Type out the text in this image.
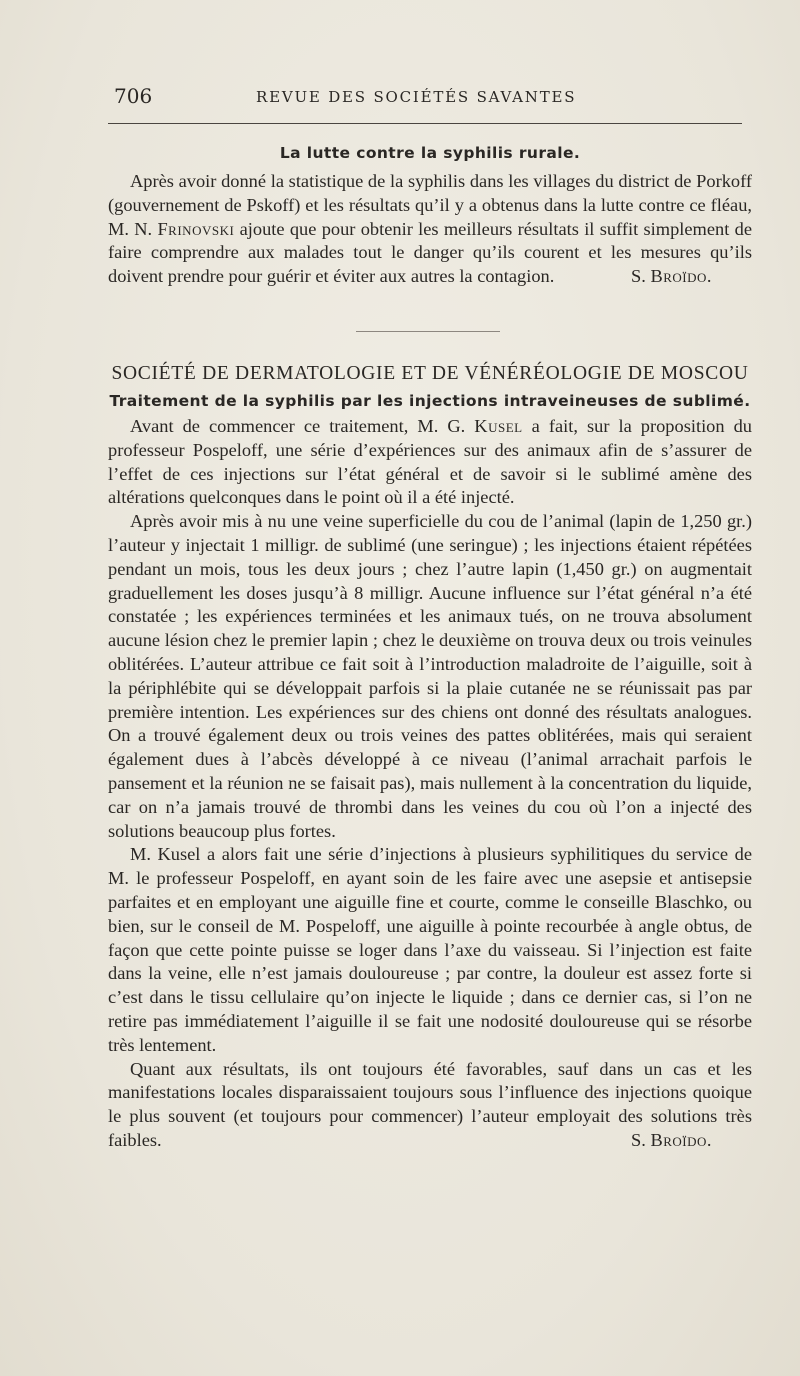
706	REVUE DES SOCIÉTÉS SAVANTES
La lutte contre la syphilis rurale.

Après avoir donné la statistique de la syphilis dans les villages du district de Porkoff (gouvernement de Pskoff) et les résultats qu’il y a obtenus dans la lutte contre ce fléau, M. N. Frinovski ajoute que pour obtenir les meilleurs résultats il suffit simplement de faire comprendre aux malades tout le danger qu’ils courent et les mesures qu’ils doivent prendre pour guérir et éviter aux autres la contagion.	S. Broïdo.

SOCIÉTÉ DE DERMATOLOGIE ET DE VÉNÉRÉOLOGIE DE MOSCOU
Traitement de la syphilis par les injections intraveineuses de sublimé.

Avant de commencer ce traitement, M. G. Kusel a fait, sur la proposition du professeur Pospeloff, une série d’expériences sur des animaux afin de s’assurer de l’effet de ces injections sur l’état général et de savoir si le sublimé amène des altérations quelconques dans le point où il a été injecté.

Après avoir mis à nu une veine superficielle du cou de l’animal (lapin de 1,250 gr.) l’auteur y injectait 1 milligr. de sublimé (une seringue) ; les injections étaient répétées pendant un mois, tous les deux jours ; chez l’autre lapin (1,450 gr.) on augmentait graduellement les doses jusqu’à 8 milligr. Aucune influence sur l’état général n’a été constatée ; les expériences terminées et les animaux tués, on ne trouva absolument aucune lésion chez le premier lapin ; chez le deuxième on trouva deux ou trois veinules oblitérées. L’auteur attribue ce fait soit à l’introduction maladroite de l’aiguille, soit à la périphlébite qui se développait parfois si la plaie cutanée ne se réunissait pas par première intention. Les expériences sur des chiens ont donné des résultats analogues. On a trouvé également deux ou trois veines des pattes oblitérées, mais qui seraient également dues à l’abcès développé à ce niveau (l’animal arrachait parfois le pansement et la réunion ne se faisait pas), mais nullement à la concentration du liquide, car on n’a jamais trouvé de thrombi dans les veines du cou où l’on a injecté des solutions beaucoup plus fortes.

M. Kusel a alors fait une série d’injections à plusieurs syphilitiques du service de M. le professeur Pospeloff, en ayant soin de les faire avec une asepsie et antisepsie parfaites et en employant une aiguille fine et courte, comme le conseille Blaschko, ou bien, sur le conseil de M. Pospeloff, une aiguille à pointe recourbée à angle obtus, de façon que cette pointe puisse se loger dans l’axe du vaisseau. Si l’injection est faite dans la veine, elle n’est jamais douloureuse ; par contre, la douleur est assez forte si c’est dans le tissu cellulaire qu’on injecte le liquide ; dans ce dernier cas, si l’on ne retire pas immédiatement l’aiguille il se fait une nodosité douloureuse qui se résorbe très lentement.

Quant aux résultats, ils ont toujours été favorables, sauf dans un cas et les manifestations locales disparaissaient toujours sous l’influence des injections quoique le plus souvent (et toujours pour commencer) l’auteur employait des solutions très faibles.	S. Broïdo.
